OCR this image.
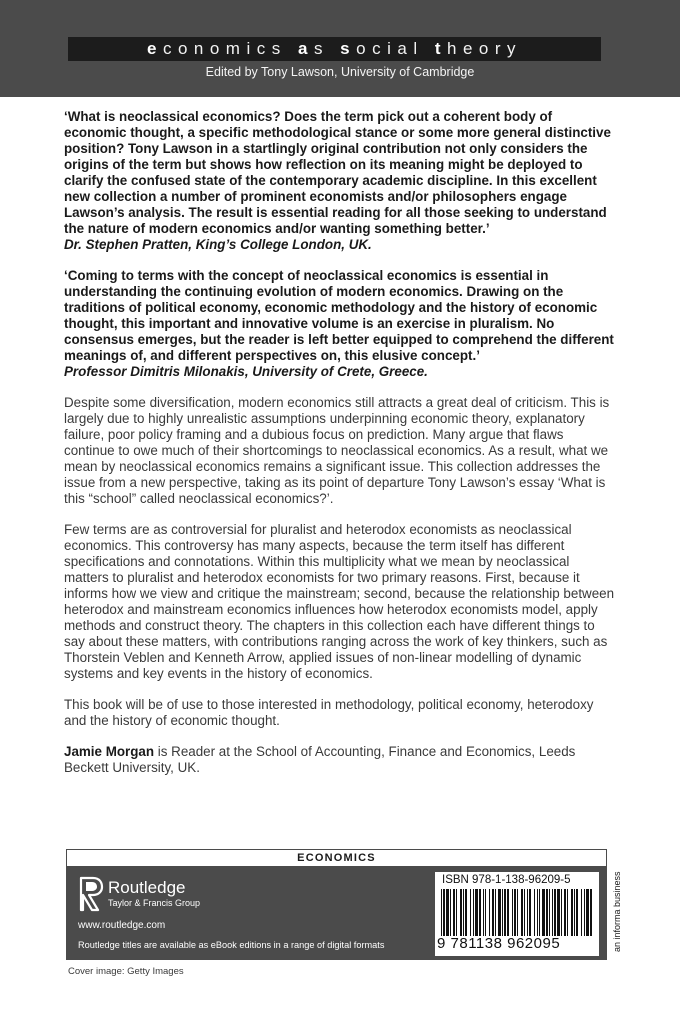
economics as social theory
Edited by Tony Lawson, University of Cambridge
‘What is neoclassical economics? Does the term pick out a coherent body of economic thought, a specific methodological stance or some more general distinctive position? Tony Lawson in a startlingly original contribution not only considers the origins of the term but shows how reflection on its meaning might be deployed to clarify the confused state of the contemporary academic discipline. In this excellent new collection a number of prominent economists and/or philosophers engage Lawson’s analysis. The result is essential reading for all those seeking to understand the nature of modern economics and/or wanting something better.’
Dr. Stephen Pratten, King’s College London, UK.
‘Coming to terms with the concept of neoclassical economics is essential in understanding the continuing evolution of modern economics. Drawing on the traditions of political economy, economic methodology and the history of economic thought, this important and innovative volume is an exercise in pluralism. No consensus emerges, but the reader is left better equipped to comprehend the different meanings of, and different perspectives on, this elusive concept.’
Professor Dimitris Milonakis, University of Crete, Greece.
Despite some diversification, modern economics still attracts a great deal of criticism. This is largely due to highly unrealistic assumptions underpinning economic theory, explanatory failure, poor policy framing and a dubious focus on prediction. Many argue that flaws continue to owe much of their shortcomings to neoclassical economics. As a result, what we mean by neoclassical economics remains a significant issue. This collection addresses the issue from a new perspective, taking as its point of departure Tony Lawson’s essay ‘What is this “school” called neoclassical economics?’.
Few terms are as controversial for pluralist and heterodox economists as neoclassical economics. This controversy has many aspects, because the term itself has different specifications and connotations. Within this multiplicity what we mean by neoclassical matters to pluralist and heterodox economists for two primary reasons. First, because it informs how we view and critique the mainstream; second, because the relationship between heterodox and mainstream economics influences how heterodox economists model, apply methods and construct theory. The chapters in this collection each have different things to say about these matters, with contributions ranging across the work of key thinkers, such as Thorstein Veblen and Kenneth Arrow, applied issues of non-linear modelling of dynamic systems and key events in the history of economics.
This book will be of use to those interested in methodology, political economy, heterodoxy and the history of economic thought.
Jamie Morgan is Reader at the School of Accounting, Finance and Economics, Leeds Beckett University, UK.
ECONOMICS
Routledge
Taylor & Francis Group
www.routledge.com
Routledge titles are available as eBook editions in a range of digital formats
ISBN 978-1-138-96209-5
9 781138 962095	an informa business
Cover image: Getty Images
